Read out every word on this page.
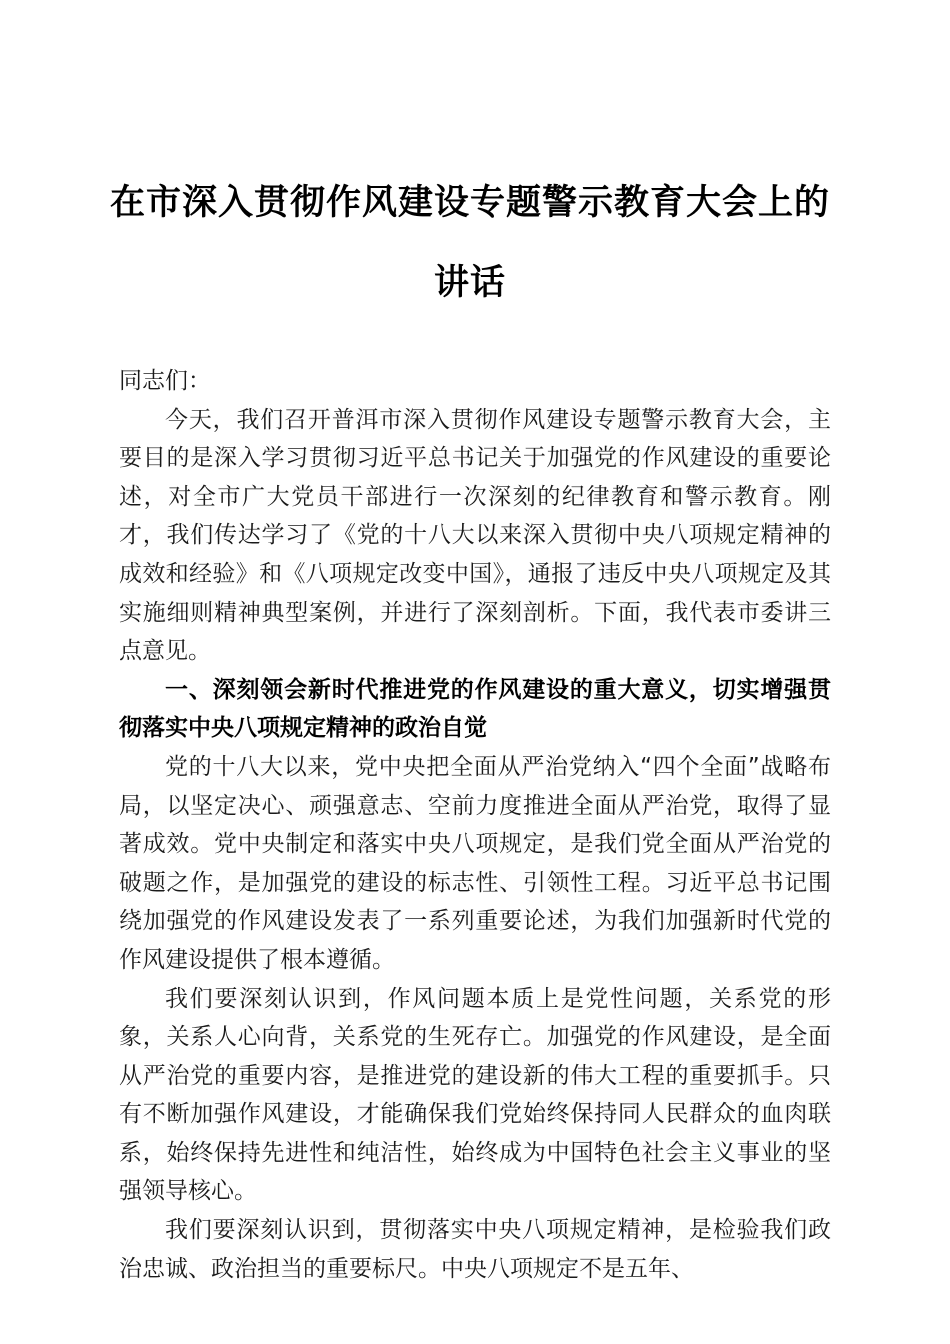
在市深入贯彻作风建设专题警示教育大会上的讲话

同志们：

今天，我们召开普洱市深入贯彻作风建设专题警示教育大会，主要目的是深入学习贯彻习近平总书记关于加强党的作风建设的重要论述，对全市广大党员干部进行一次深刻的纪律教育和警示教育。刚才，我们传达学习了《党的十八大以来深入贯彻中央八项规定精神的成效和经验》和《八项规定改变中国》，通报了违反中央八项规定及其实施细则精神典型案例，并进行了深刻剖析。下面，我代表市委讲三点意见。

一、深刻领会新时代推进党的作风建设的重大意义，切实增强贯彻落实中央八项规定精神的政治自觉

党的十八大以来，党中央把全面从严治党纳入“四个全面”战略布局，以坚定决心、顽强意志、空前力度推进全面从严治党，取得了显著成效。党中央制定和落实中央八项规定，是我们党全面从严治党的破题之作，是加强党的建设的标志性、引领性工程。习近平总书记围绕加强党的作风建设发表了一系列重要论述，为我们加强新时代党的作风建设提供了根本遵循。

我们要深刻认识到，作风问题本质上是党性问题，关系党的形象，关系人心向背，关系党的生死存亡。加强党的作风建设，是全面从严治党的重要内容，是推进党的建设新的伟大工程的重要抓手。只有不断加强作风建设，才能确保我们党始终保持同人民群众的血肉联系，始终保持先进性和纯洁性，始终成为中国特色社会主义事业的坚强领导核心。

我们要深刻认识到，贯彻落实中央八项规定精神，是检验我们政治忠诚、政治担当的重要标尺。中央八项规定不是五年、
